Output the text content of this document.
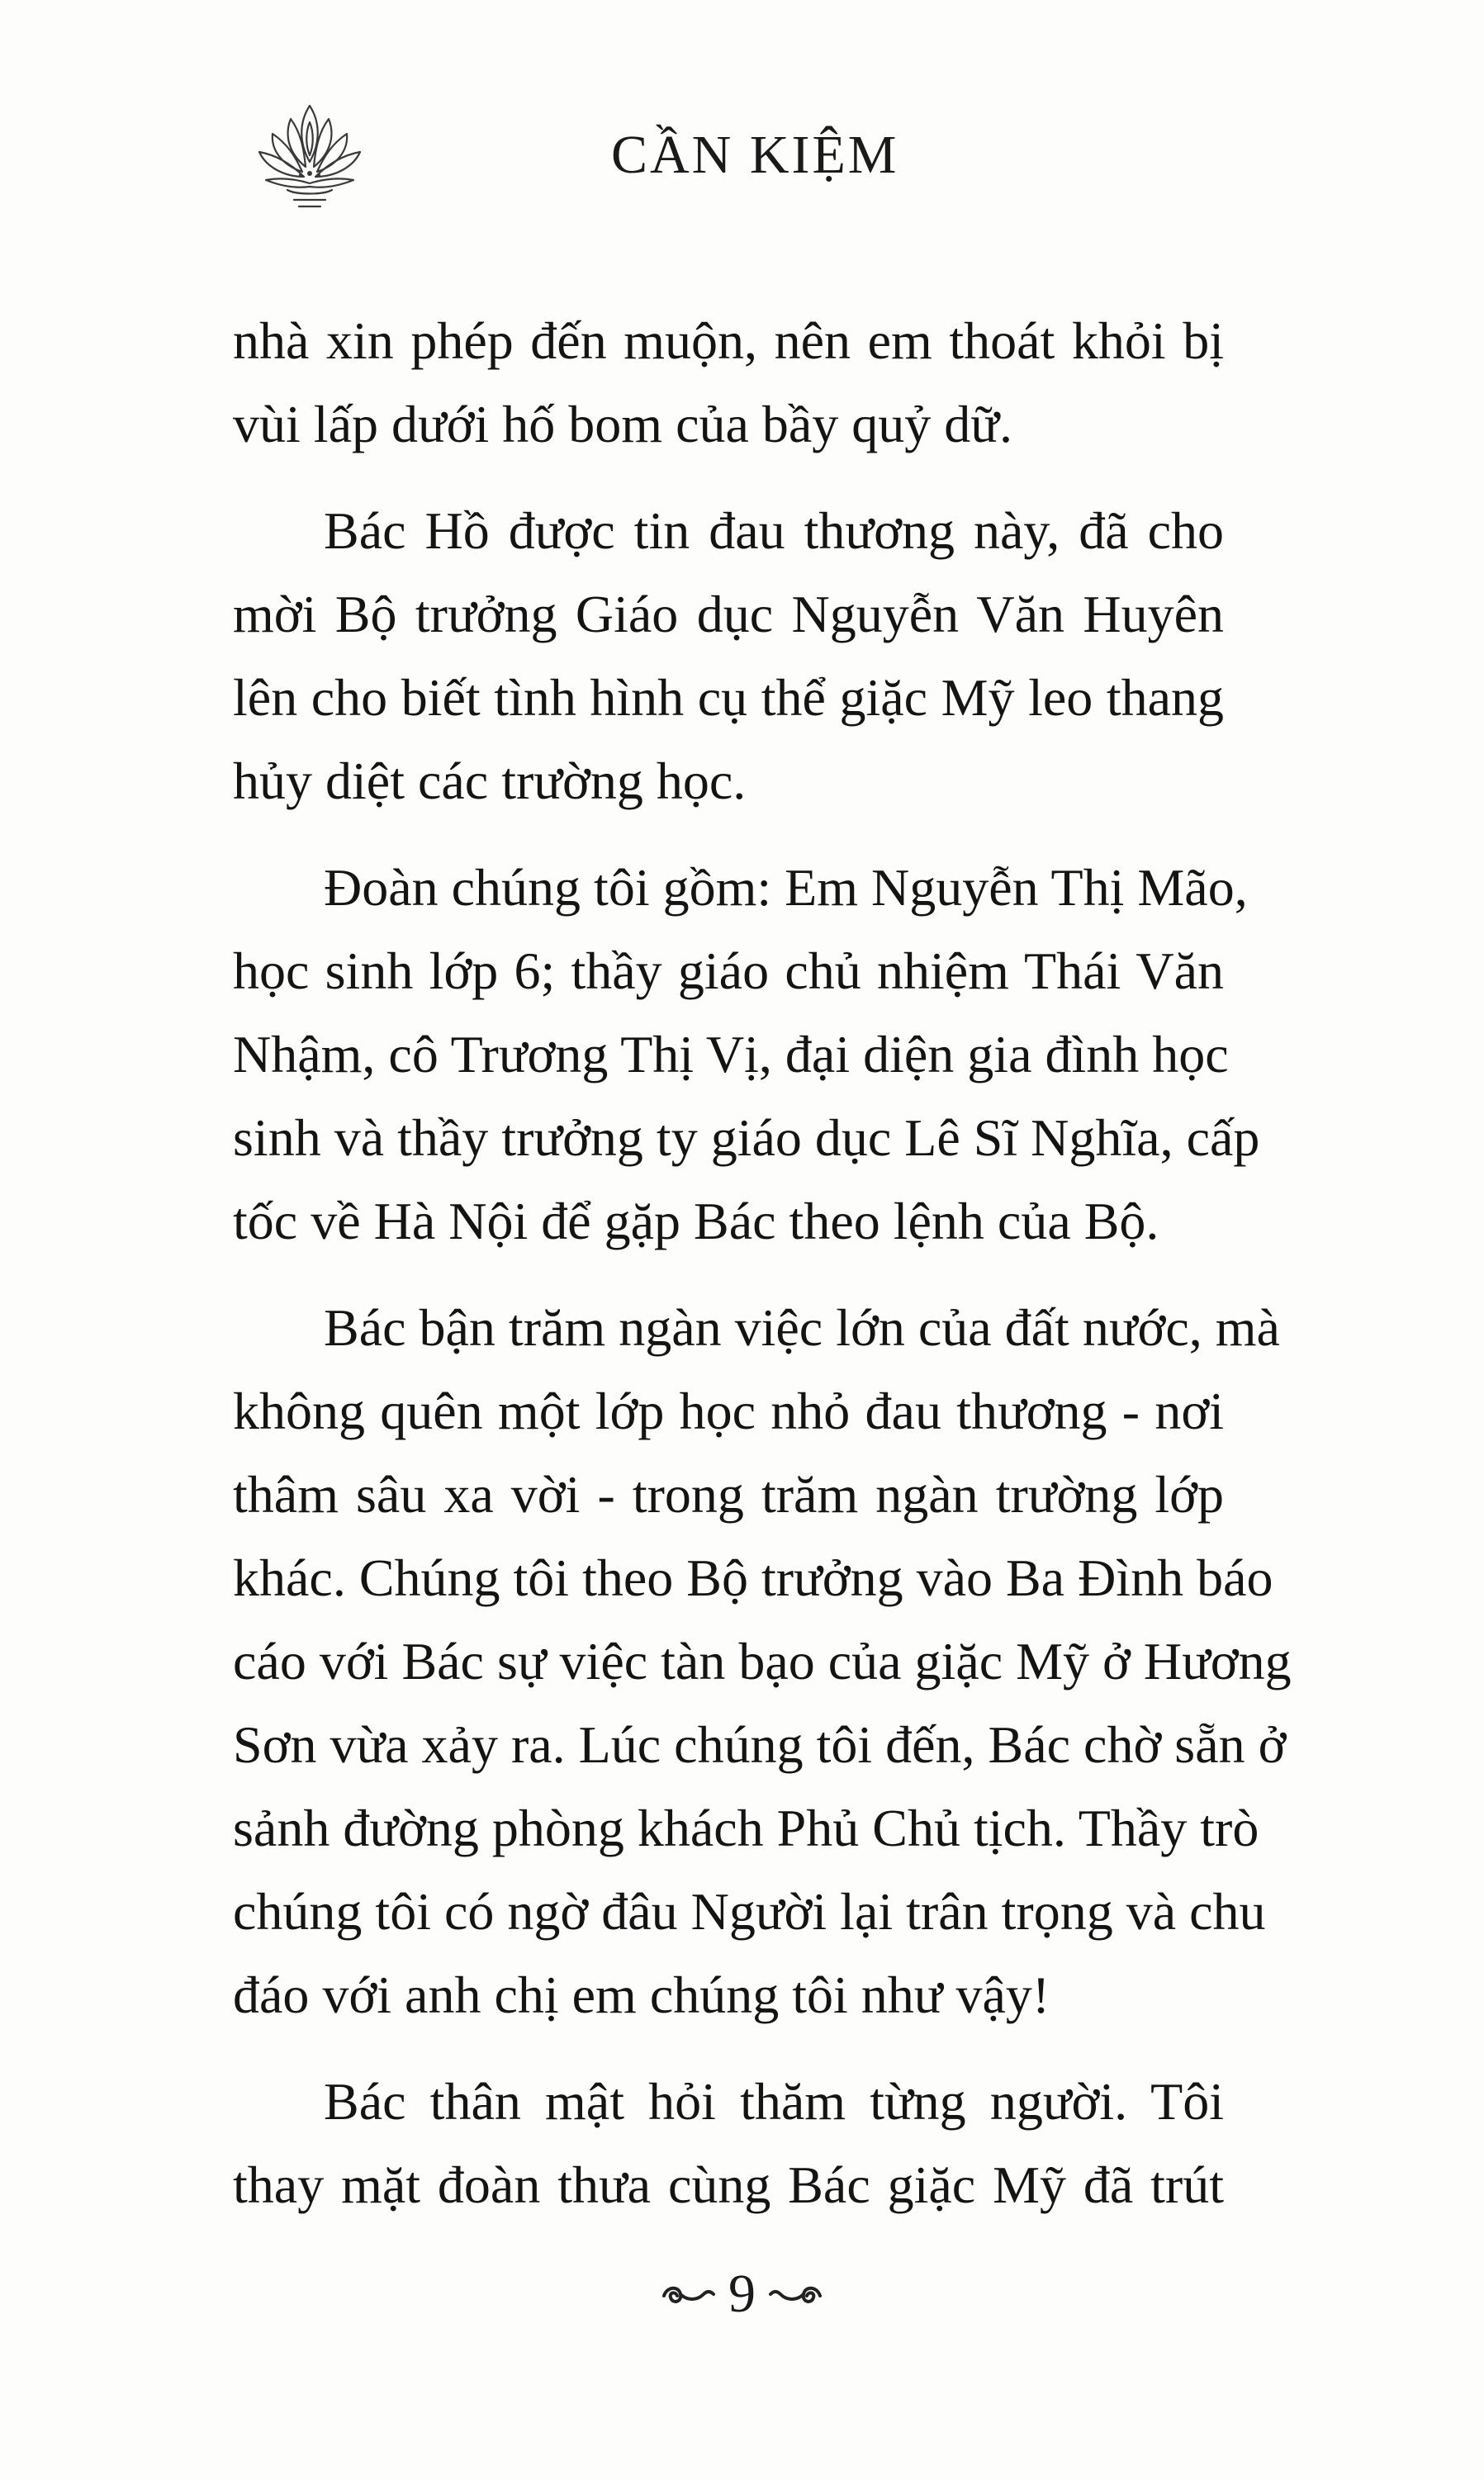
CẦN KIỆM
nhà xin phép đến muộn, nên em thoát khỏi bị
vùi lấp dưới hố bom của bầy quỷ dữ.
Bác Hồ được tin đau thương này, đã cho
mời Bộ trưởng Giáo dục Nguyễn Văn Huyên
lên cho biết tình hình cụ thể giặc Mỹ leo thang
hủy diệt các trường học.
Đoàn chúng tôi gồm: Em Nguyễn Thị Mão,
học sinh lớp 6; thầy giáo chủ nhiệm Thái Văn
Nhậm, cô Trương Thị Vị, đại diện gia đình học
sinh và thầy trưởng ty giáo dục Lê Sĩ Nghĩa, cấp
tốc về Hà Nội để gặp Bác theo lệnh của Bộ.
Bác bận trăm ngàn việc lớn của đất nước, mà
không quên một lớp học nhỏ đau thương - nơi
thâm sâu xa vời - trong trăm ngàn trường lớp
khác. Chúng tôi theo Bộ trưởng vào Ba Đình báo
cáo với Bác sự việc tàn bạo của giặc Mỹ ở Hương
Sơn vừa xảy ra. Lúc chúng tôi đến, Bác chờ sẵn ở
sảnh đường phòng khách Phủ Chủ tịch. Thầy trò
chúng tôi có ngờ đâu Người lại trân trọng và chu
đáo với anh chị em chúng tôi như vậy!
Bác thân mật hỏi thăm từng người. Tôi
thay mặt đoàn thưa cùng Bác giặc Mỹ đã trút
9
